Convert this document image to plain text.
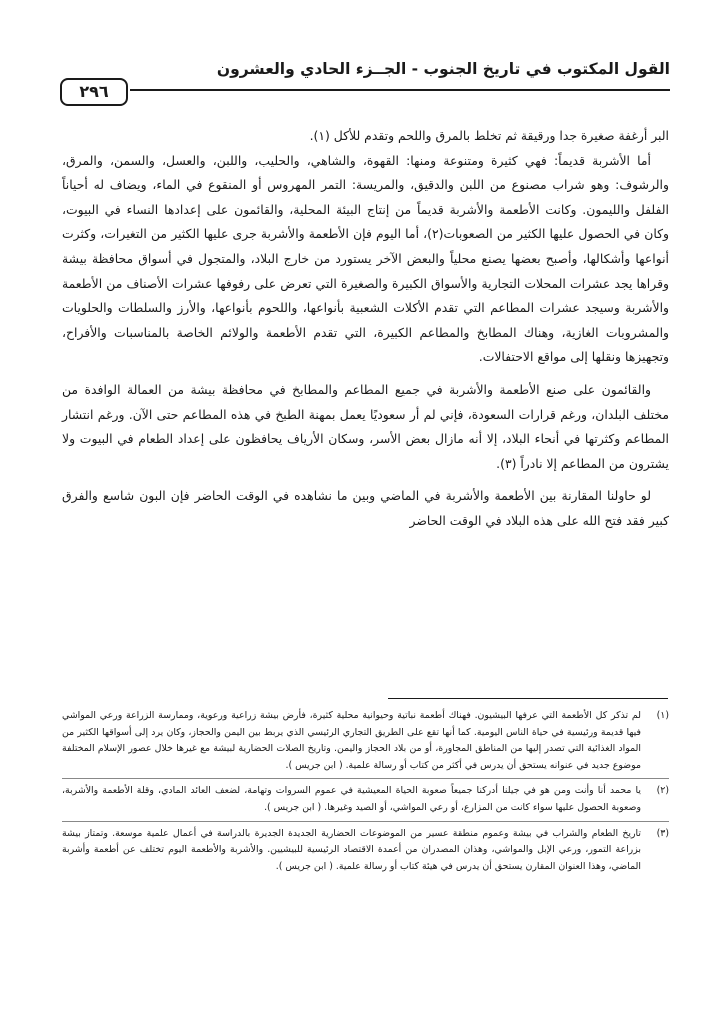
القول المكتوب في تاريخ الجنوب - الجــزء الحادي والعشرون
٢٩٦

البر أرغفة صغيرة جدا ورقيقة ثم تخلط بالمرق واللحم وتقدم للأكل (١).

أما الأشربة قديماً: فهي كثيرة ومتنوعة ومنها: القهوة، والشاهي، والحليب، واللبن، والعسل، والسمن، والمرق، والرشوف: وهو شراب مصنوع من اللبن والدقيق، والمريسة: التمر المهروس أو المنقوع في الماء، ويضاف له أحياناً الفلفل والليمون. وكانت الأطعمة والأشربة قديماً من إنتاج البيئة المحلية، والقائمون على إعدادها النساء في البيوت، وكان في الحصول عليها الكثير من الصعوبات(٢)، أما اليوم فإن الأطعمة والأشربة جرى عليها الكثير من التغيرات، وكثرت أنواعها وأشكالها، وأصبح بعضها يصنع محلياً والبعض الآخر يستورد من خارج البلاد، والمتجول في أسواق محافظة بيشة وقراها يجد عشرات المحلات التجارية والأسواق الكبيرة والصغيرة التي تعرض على رفوفها عشرات الأصناف من الأطعمة والأشربة وسيجد عشرات المطاعم التي تقدم الأكلات الشعبية بأنواعها، واللحوم بأنواعها، والأرز والسلطات والحلويات والمشروبات الغازية، وهناك المطابخ والمطاعم الكبيرة، التي تقدم الأطعمة والولائم الخاصة بالمناسبات والأفراح، وتجهيزها ونقلها إلى مواقع الاحتفالات.

والقائمون على صنع الأطعمة والأشربة في جميع المطاعم والمطابخ في محافظة بيشة من العمالة الوافدة من مختلف البلدان، ورغم قرارات السعودة، فإني لم أر سعوديًا يعمل بمهنة الطبخ في هذه المطاعم حتى الآن. ورغم انتشار المطاعم وكثرتها في أنحاء البلاد، إلا أنه مازال بعض الأسر، وسكان الأرياف يحافظون على إعداد الطعام في البيوت ولا يشترون من المطاعم إلا نادراً (٣).

لو حاولنا المقارنة بين الأطعمة والأشربة في الماضي وبين ما نشاهده في الوقت الحاضر فإن البون شاسع والفرق كبير فقد فتح الله على هذه البلاد في الوقت الحاضر

(١)
لم تذكر كل الأطعمة التي عرفها البيشيون. فهناك أطعمة نباتية وحيوانية محلية كثيرة، فأرض بيشة زراعية ورعوية، وممارسة الزراعة ورعي المواشي فيها قديمة ورئيسية في حياة الناس اليومية. كما أنها تقع على الطريق التجاري الرئيسي الذي يربط بين اليمن والحجاز، وكان يرد إلى أسواقها الكثير من المواد الغذائية التي تصدر إليها من المناطق المجاورة، أو من بلاد الحجاز واليمن. وتاريخ الصلات الحضارية لبيشة مع غيرها خلال عصور الإسلام المختلفة موضوع جديد في عنوانه يستحق أن يدرس في أكثر من كتاب أو رسالة علمية. ( ابن جريس ).
(٢)
يا محمد أنا وأنت ومن هو في جيلنا أدركنا جميعاً صعوبة الحياة المعيشية في عموم السروات وتهامة، لضعف العائد المادي، وقلة الأطعمة والأشربة، وصعوبة الحصول عليها سواء كانت من المزارع، أو رعي المواشي، أو الصيد وغيرها. ( ابن جريس ).
(٣)
تاريخ الطعام والشراب في بيشة وعموم منطقة عسير من الموضوعات الحضارية الجديدة الجديرة بالدراسة في أعمال علمية موسعة. وتمتاز بيشة بزراعة التمور، ورعي الإبل والمواشي، وهذان المصدران من أعمدة الاقتصاد الرئيسية للبيشيين. والأشربة والأطعمة اليوم تختلف عن أطعمة وأشربة الماضي، وهذا العنوان المقارن يستحق أن يدرس في هيئة كتاب أو رسالة علمية. ( ابن جريس ).
